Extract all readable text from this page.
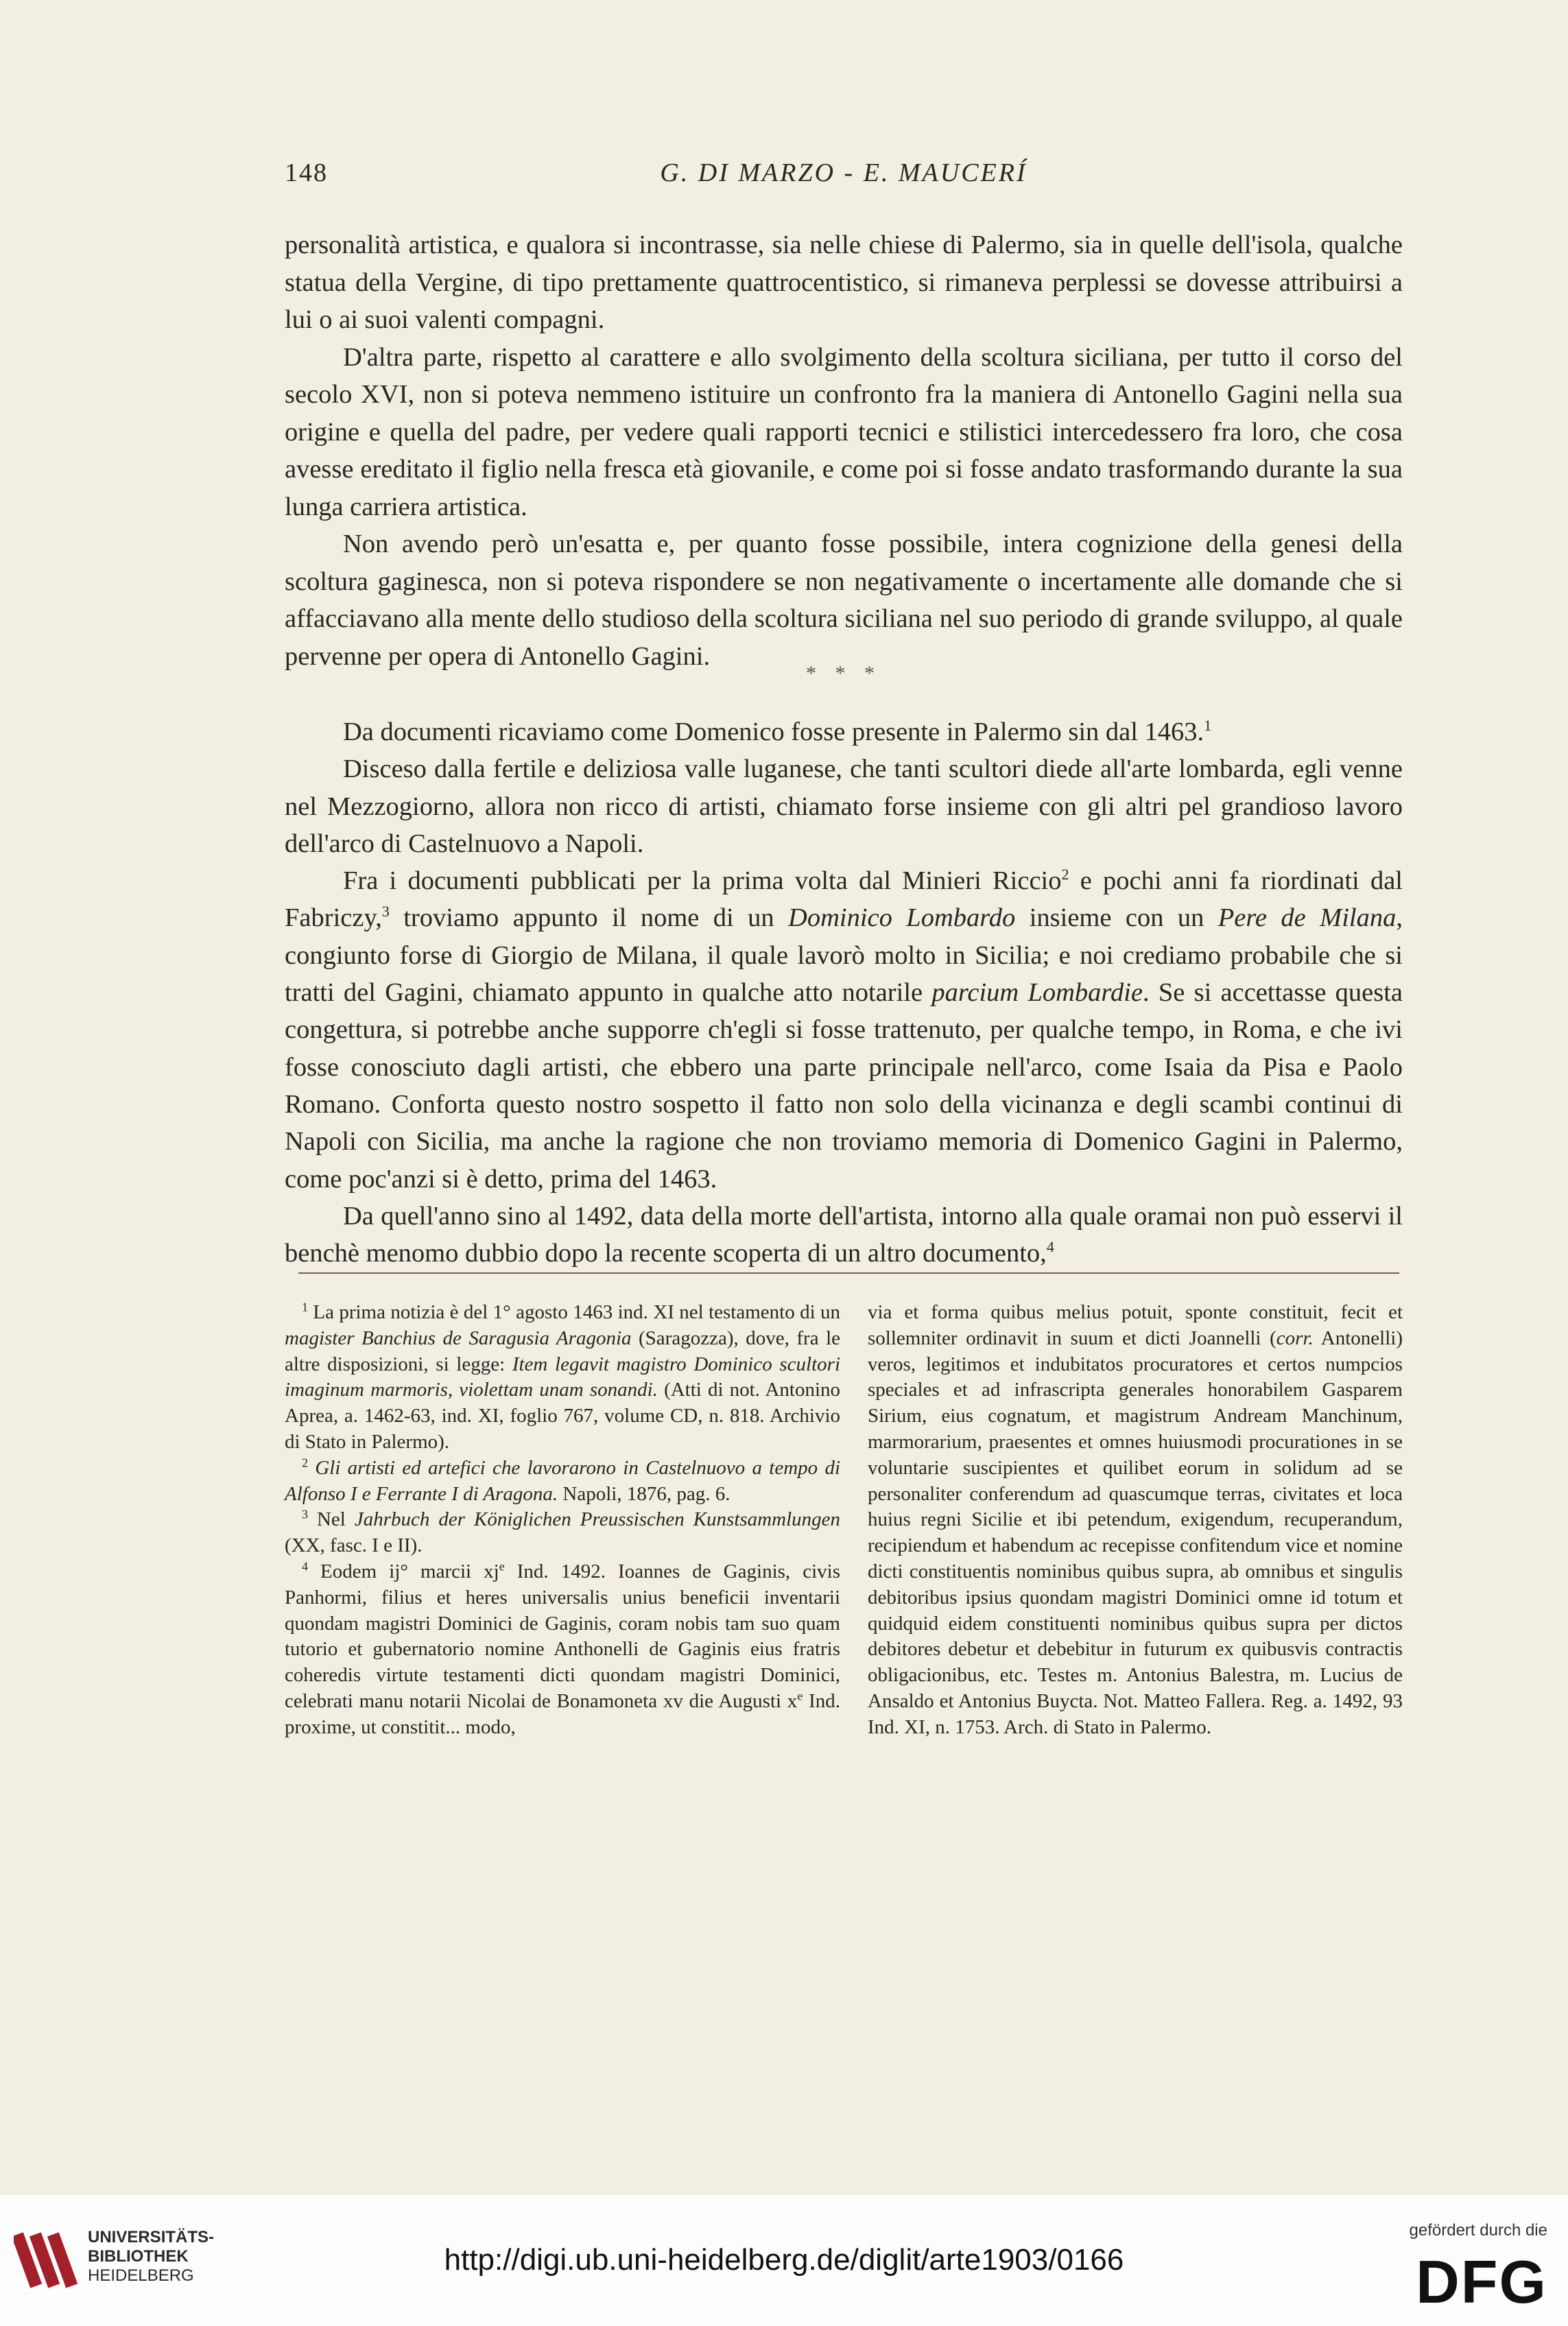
148	G. DI MARZO - E. MAUCERÍ

personalità artistica, e qualora si incontrasse, sia nelle chiese di Palermo, sia in quelle dell'isola, qualche statua della Vergine, di tipo prettamente quattrocentistico, si rimaneva perplessi se dovesse attribuirsi a lui o ai suoi valenti compagni.

D'altra parte, rispetto al carattere e allo svolgimento della scoltura siciliana, per tutto il corso del secolo XVI, non si poteva nemmeno istituire un confronto fra la maniera di Antonello Gagini nella sua origine e quella del padre, per vedere quali rapporti tecnici e stilistici intercedessero fra loro, che cosa avesse ereditato il figlio nella fresca età giovanile, e come poi si fosse andato trasformando durante la sua lunga carriera artistica.

Non avendo però un'esatta e, per quanto fosse possibile, intera cognizione della genesi della scoltura gaginesca, non si poteva rispondere se non negativamente o incertamente alle domande che si affacciavano alla mente dello studioso della scoltura siciliana nel suo periodo di grande sviluppo, al quale pervenne per opera di Antonello Gagini.

* * *

Da documenti ricaviamo come Domenico fosse presente in Palermo sin dal 1463.$^1$

Disceso dalla fertile e deliziosa valle luganese, che tanti scultori diede all'arte lombarda, egli venne nel Mezzogiorno, allora non ricco di artisti, chiamato forse insieme con gli altri pel grandioso lavoro dell'arco di Castelnuovo a Napoli.

Fra i documenti pubblicati per la prima volta dal Minieri Riccio$^2$ e pochi anni fa riordinati dal Fabriczy,$^3$ troviamo appunto il nome di un Dominico Lombardo insieme con un Pere de Milana, congiunto forse di Giorgio de Milana, il quale lavorò molto in Sicilia; e noi crediamo probabile che si tratti del Gagini, chiamato appunto in qualche atto notarile parcium Lombardie. Se si accettasse questa congettura, si potrebbe anche supporre ch'egli si fosse trattenuto, per qualche tempo, in Roma, e che ivi fosse conosciuto dagli artisti, che ebbero una parte principale nell'arco, come Isaia da Pisa e Paolo Romano. Conforta questo nostro sospetto il fatto non solo della vicinanza e degli scambi continui di Napoli con Sicilia, ma anche la ragione che non troviamo memoria di Domenico Gagini in Palermo, come poc'anzi si è detto, prima del 1463.

Da quell'anno sino al 1492, data della morte dell'artista, intorno alla quale oramai non può esservi il benchè menomo dubbio dopo la recente scoperta di un altro documento,$^4$

$^1$ La prima notizia è del 1° agosto 1463 ind. XI nel testamento di un magister Banchius de Saragusia Aragonia (Saragozza), dove, fra le altre disposizioni, si legge: Item legavit magistro Dominico scultori imaginum marmoris, violettam unam sonandi. (Atti di not. Antonino Aprea, a. 1462-63, ind. XI, foglio 767, volume CD, n. 818. Archivio di Stato in Palermo).

$^2$ Gli artisti ed artefici che lavorarono in Castelnuovo a tempo di Alfonso I e Ferrante I di Aragona. Napoli, 1876, pag. 6.

$^3$ Nel Jahrbuch der Königlichen Preussischen Kunstsammlungen (XX, fasc. I e II).

$^4$ Eodem ij° marcii $xj^e$ Ind. 1492. Ioannes de Gaginis, civis Panhormi, filius et heres universalis unius beneficii inventarii quondam magistri Dominici de Gaginis, coram nobis tam suo quam tutorio et gubernatorio nomine Anthonelli de Gaginis eius fratris coheredis virtute testamenti dicti quondam magistri Dominici, celebrati manu notarii Nicolai de Bonamoneta xv die Augusti $x^e$ Ind. proxime, ut constitit... modo,

via et forma quibus melius potuit, sponte constituit, fecit et sollemniter ordinavit in suum et dicti Joannelli (corr. Antonelli) veros, legitimos et indubitatos procuratores et certos numpcios speciales et ad infrascripta generales honorabilem Gasparem Sirium, eius cognatum, et magistrum Andream Manchinum, marmorarium, praesentes et omnes huiusmodi procurationes in se voluntarie suscipientes et quilibet eorum in solidum ad se personaliter conferendum ad quascumque terras, civitates et loca huius regni Sicilie et ibi petendum, exigendum, recuperandum, recipiendum et habendum ac recepisse confitendum vice et nomine dicti constituentis nominibus quibus supra, ab omnibus et singulis debitoribus ipsius quondam magistri Dominici omne id totum et quidquid eidem constituenti nominibus quibus supra per dictos debitores debetur et debebitur in futurum ex quibusvis contractis obligacionibus, etc. Testes m. Antonius Balestra, m. Lucius de Ansaldo et Antonius Buycta. Not. Matteo Fallera. Reg. a. 1492, 93 Ind. XI, n. 1753. Arch. di Stato in Palermo.

UNIVERSITÄTS-
BIBLIOTHEK
HEIDELBERG	http://digi.ub.uni-heidelberg.de/diglit/arte1903/0166
gefördert durch die
DFG
